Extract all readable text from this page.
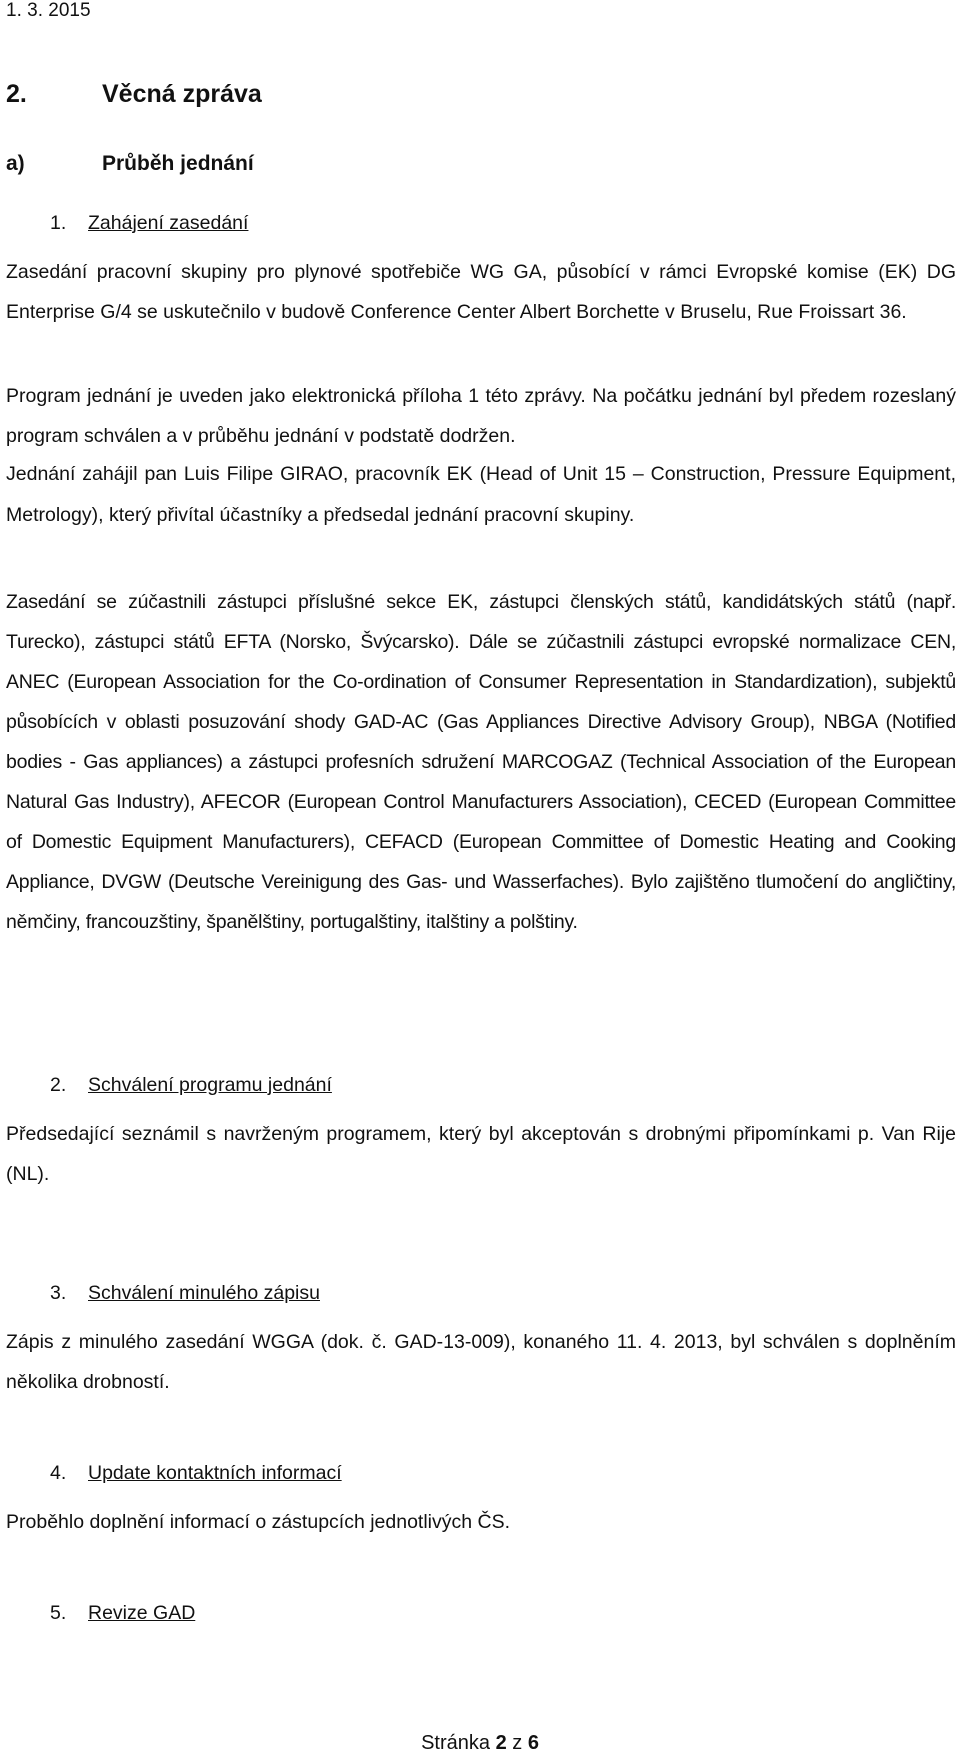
1. 3. 2015
2.	Věcná zpráva
a)	Průběh jednání
1. Zahájení zasedání

Zasedání pracovní skupiny pro plynové spotřebiče WG GA, působící v rámci Evropské komise (EK) DG Enterprise G/4 se uskutečnilo v budově Conference Center Albert Borchette v Bruselu, Rue Froissart 36.

Program jednání je uveden jako elektronická příloha 1 této zprávy. Na počátku jednání byl předem rozeslaný program schválen a v průběhu jednání v podstatě dodržen.

Jednání zahájil pan Luis Filipe GIRAO, pracovník EK (Head of Unit 15 – Construction, Pressure Equipment, Metrology), který přivítal účastníky a předsedal jednání pracovní skupiny.

Zasedání se zúčastnili zástupci příslušné sekce EK, zástupci členských států, kandidátských států (např. Turecko), zástupci států EFTA (Norsko, Švýcarsko). Dále se zúčastnili zástupci evropské normalizace CEN, ANEC (European Association for the Co-ordination of Consumer Representation in Standardization), subjektů působících v oblasti posuzování shody GAD-AC (Gas Appliances Directive Advisory Group), NBGA (Notified bodies - Gas appliances) a zástupci profesních sdružení MARCOGAZ (Technical Association of the European Natural Gas Industry), AFECOR (European Control Manufacturers Association), CECED (European Committee of Domestic Equipment Manufacturers), CEFACD (European Committee of Domestic Heating and Cooking Appliance, DVGW (Deutsche Vereinigung des Gas- und Wasserfaches). Bylo zajištěno tlumočení do angličtiny, němčiny, francouzštiny, španělštiny, portugalštiny, italštiny a polštiny.

2. Schválení programu jednání

Předsedající seznámil s navrženým programem, který byl akceptován s drobnými připomínkami p. Van Rije (NL).

3. Schválení minulého zápisu

Zápis z minulého zasedání WGGA (dok. č. GAD-13-009), konaného 11. 4. 2013, byl schválen s doplněním několika drobností.

4. Update kontaktních informací

Proběhlo doplnění informací o zástupcích jednotlivých ČS.

5. Revize GAD
Stránka 2 z 6
